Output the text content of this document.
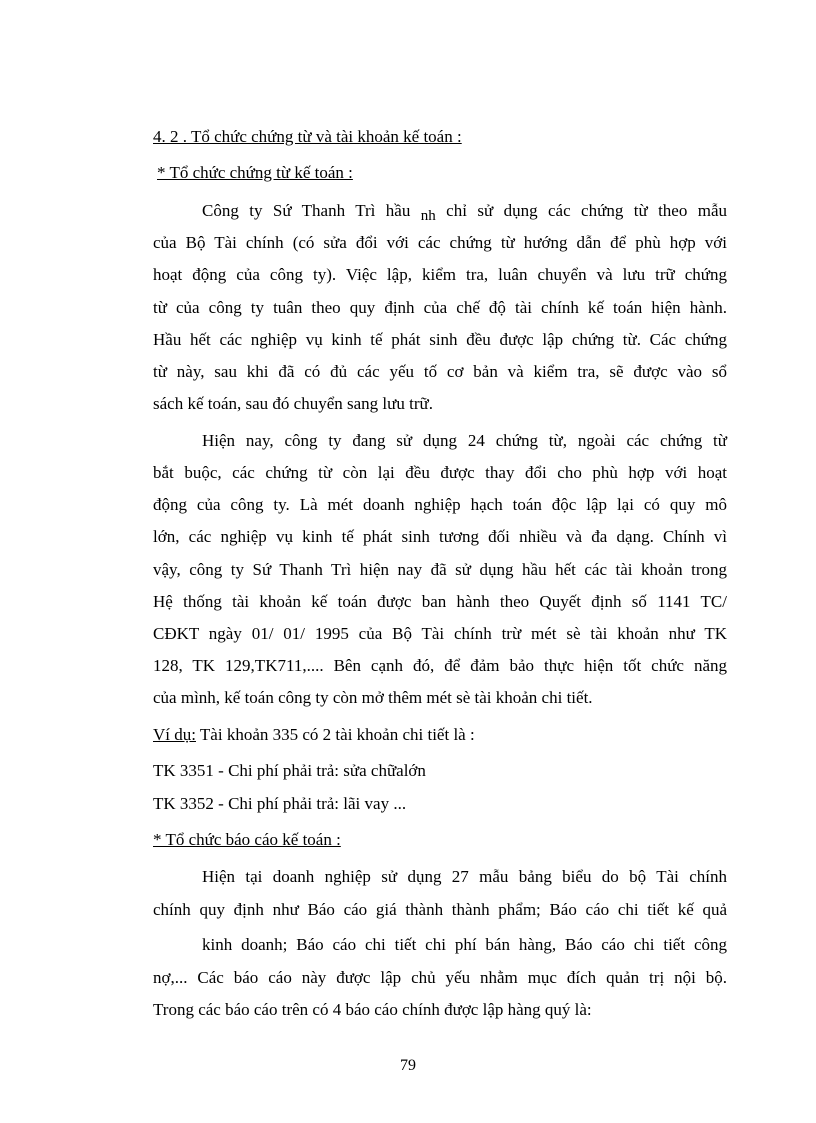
4. 2 . Tổ chức chứng từ và tài khoản kế toán :
* Tổ chức chứng từ kế toán :
Công ty Sứ Thanh Trì hầu nh chỉ sử dụng các chứng từ theo mẫu
của Bộ Tài chính (có sửa đổi với các chứng từ hướng dẫn để phù hợp với
hoạt động của công ty). Việc lập, kiểm tra, luân chuyển và lưu trữ chứng
từ của công ty tuân theo quy định của chế độ tài chính kế toán hiện hành.
Hầu hết các nghiệp vụ kinh tế phát sinh đều được lập chứng từ. Các chứng
từ này, sau khi đã có đủ các yếu tố cơ bản và kiểm tra, sẽ được vào sổ
sách kế toán, sau đó chuyển sang lưu trữ.
Hiện nay, công ty đang sử dụng 24 chứng từ, ngoài các chứng từ
bắt buộc, các chứng từ còn lại đều được thay đổi cho phù hợp với hoạt
động của công ty. Là mét doanh nghiệp hạch toán độc lập lại có quy mô
lớn, các nghiệp vụ kinh tế phát sinh tương đối nhiều và đa dạng. Chính vì
vậy, công ty Sứ Thanh Trì hiện nay đã sử dụng hầu hết các tài khoản trong
Hệ thống tài khoản kế toán được ban hành theo Quyết định số 1141 TC/
CĐKT ngày 01/ 01/ 1995 của Bộ Tài chính trừ mét sè tài khoản như TK
128, TK 129,TK711,.... Bên cạnh đó, để đảm bảo thực hiện tốt chức năng
của mình, kế toán công ty còn mở thêm mét sè tài khoản chi tiết.
Ví dụ: Tài khoản 335 có 2 tài khoản chi tiết là :
TK 3351 - Chi phí phải trả: sửa chữalớn
TK 3352 - Chi phí phải trả: lãi vay ...
* Tổ chức báo cáo kế toán :
Hiện tại doanh nghiệp sử dụng 27 mẫu bảng biểu do bộ Tài chính
chính quy định như Báo cáo giá thành thành phẩm; Báo cáo chi tiết kế quả
kinh doanh; Báo cáo chi tiết chi phí bán hàng, Báo cáo chi tiết công
nợ,... Các báo cáo này được lập chủ yếu nhằm mục đích quản trị nội bộ.
Trong các báo cáo trên có 4 báo cáo chính được lập hàng quý là:
79
